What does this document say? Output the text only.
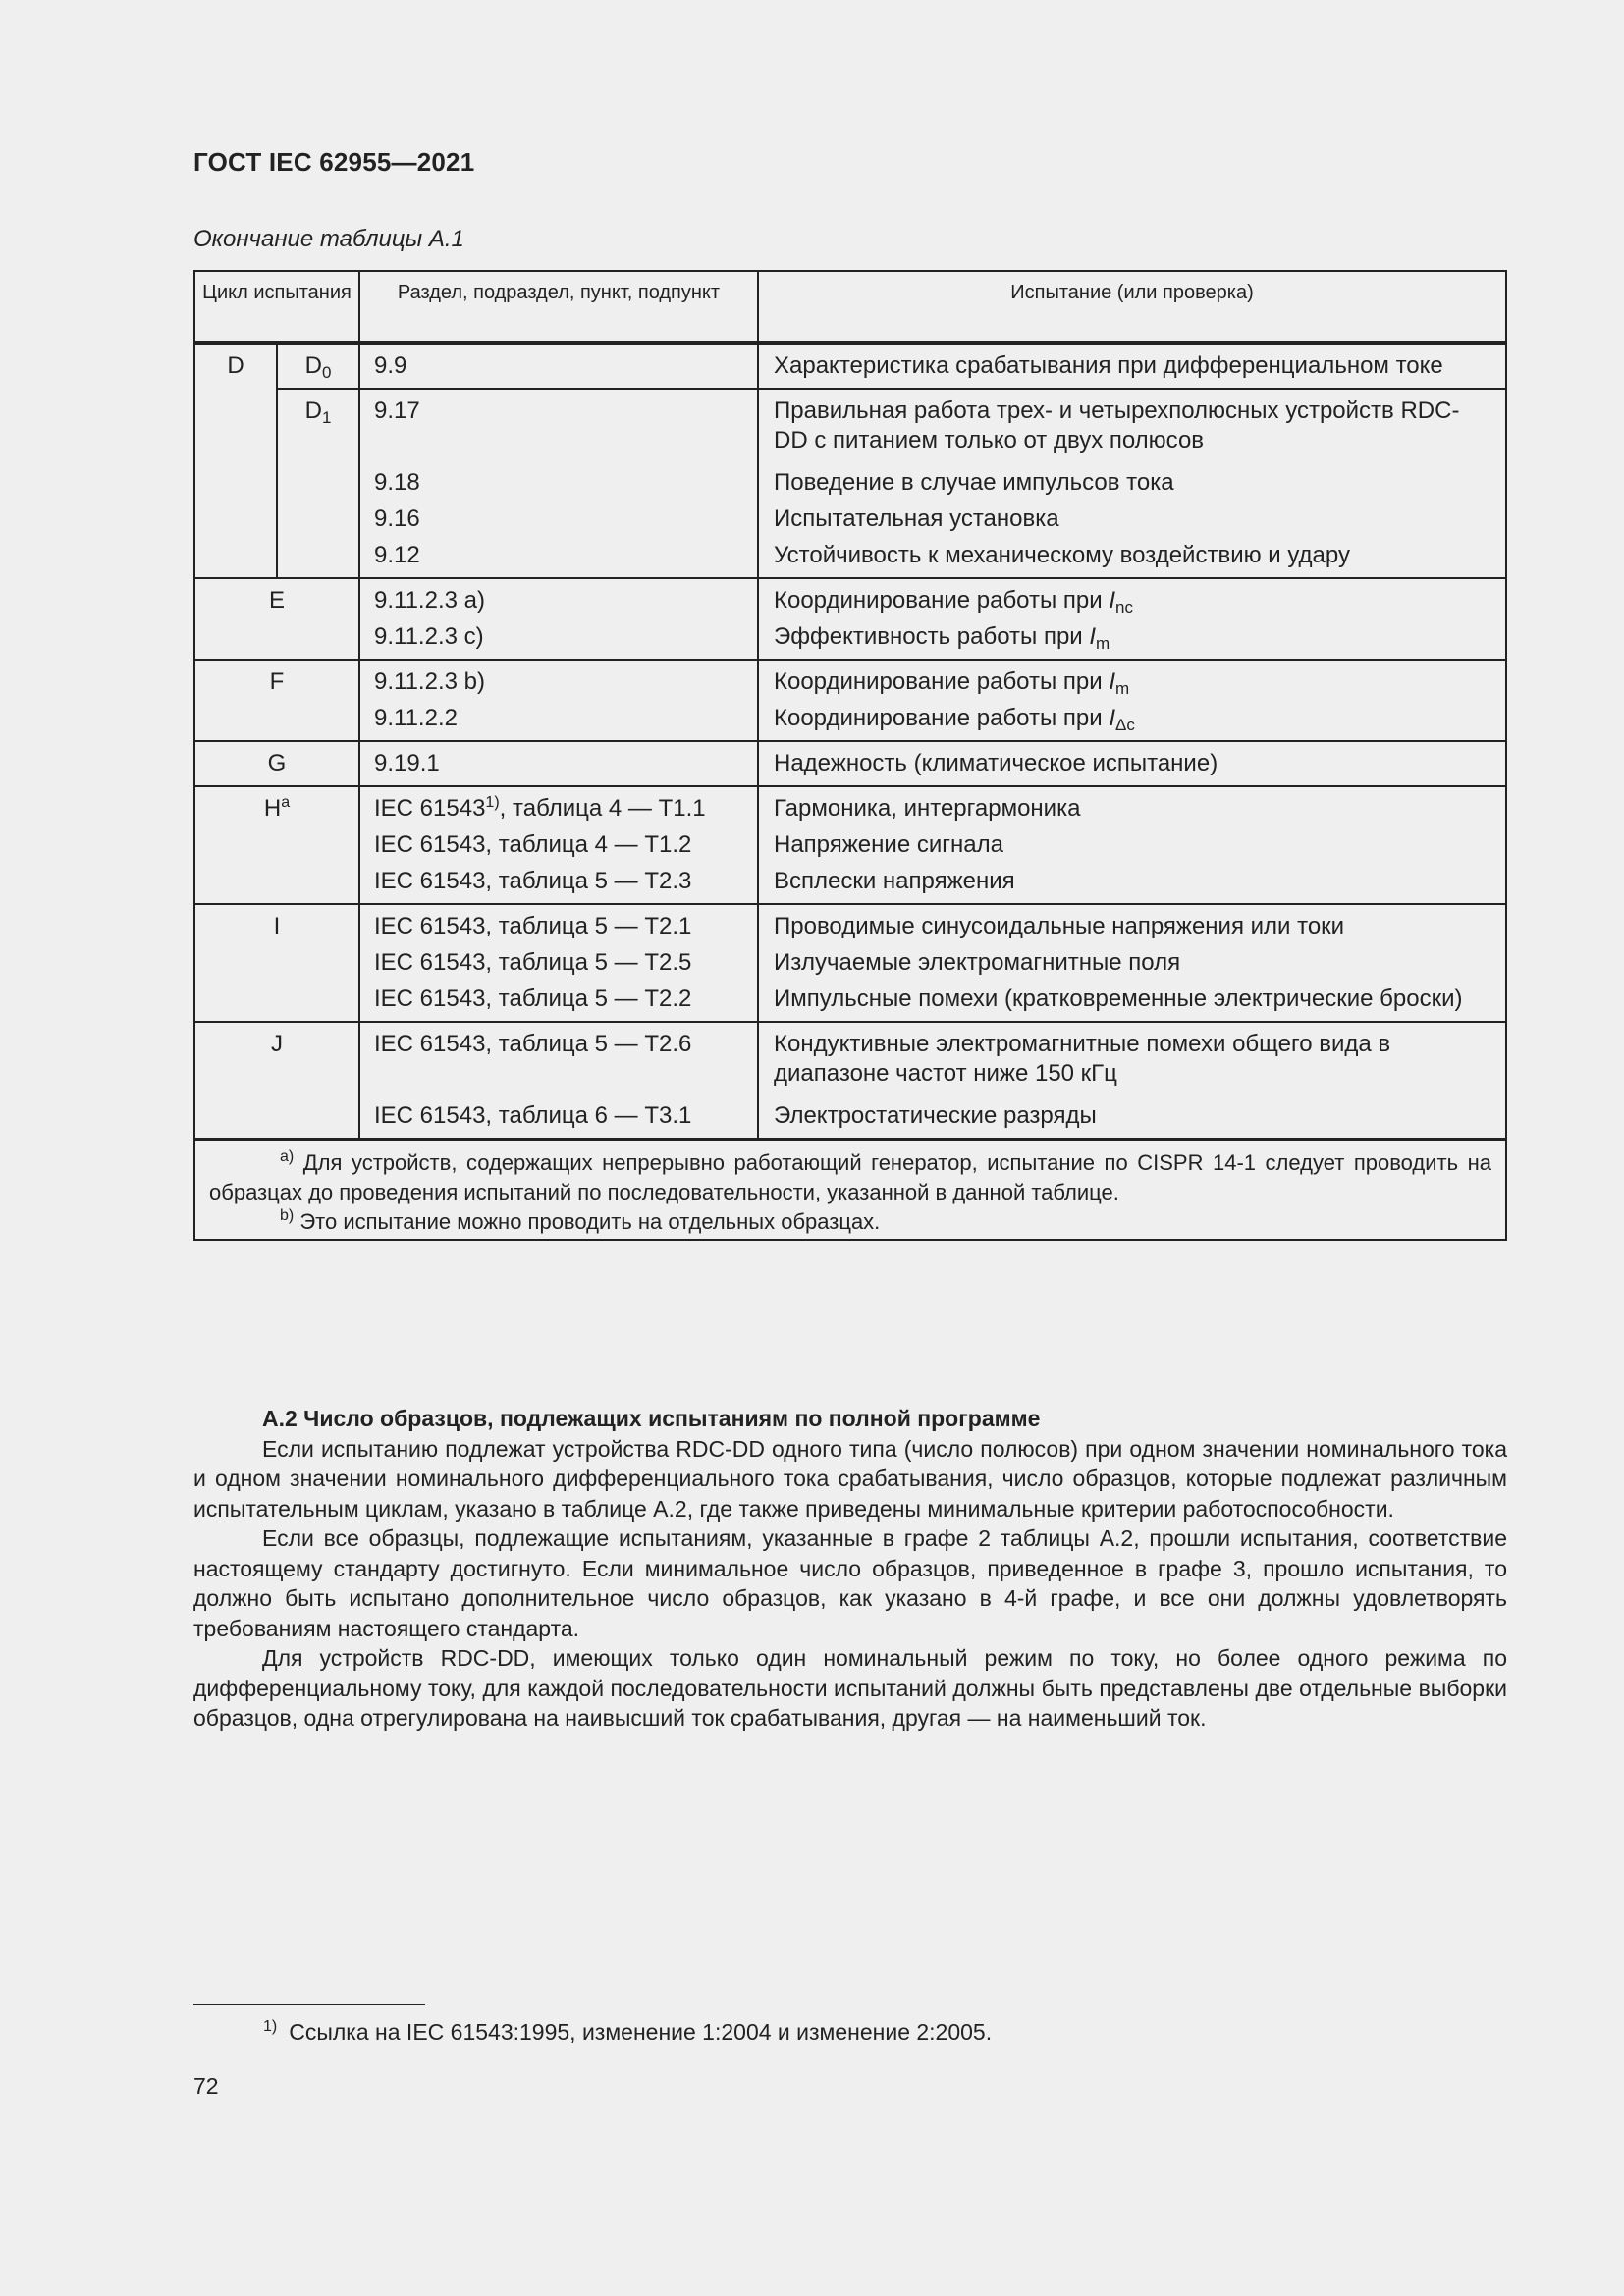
ГОСТ IEC 62955—2021
Окончание таблицы А.1
Цикл испытания		Раздел, подраздел, пункт, подпункт	Испытание (или проверка)
D	$D_0$	9.9	Характеристика срабатывания при дифференциальном токе
	$D_1$	9.17	Правильная работа трех- и четырехполюсных устройств RDC-DD с питанием только от двух полюсов
		9.18	Поведение в случае импульсов тока
		9.16	Испытательная установка
		9.12	Устойчивость к механическому воздействию и удару
E		9.11.2.3 a)	Координирование работы при $I_{nc}$
		9.11.2.3 c)	Эффективность работы при $I_m$
F		9.11.2.3 b)	Координирование работы при $I_m$
		9.11.2.2	Координирование работы при $I_{\Delta c}$
G		9.19.1	Надежность (климатическое испытание)
$H^a$		IEC 61543$^{1)}$, таблица 4 — Т1.1	Гармоника, интергармоника
		IEC 61543, таблица 4 — Т1.2	Напряжение сигнала
		IEC 61543, таблица 5 — Т2.3	Всплески напряжения
I		IEC 61543, таблица 5 — Т2.1	Проводимые синусоидальные напряжения или токи
		IEC 61543, таблица 5 — Т2.5	Излучаемые электромагнитные поля
		IEC 61543, таблица 5 — Т2.2	Импульсные помехи (кратковременные электрические броски)
J		IEC 61543, таблица 5 — Т2.6	Кондуктивные электромагнитные помехи общего вида в диапазоне частот ниже 150 кГц
		IEC 61543, таблица 6 — Т3.1	Электростатические разряды

$^{a)}$ Для устройств, содержащих непрерывно работающий генератор, испытание по CISPR 14-1 следует проводить на образцах до проведения испытаний по последовательности, указанной в данной таблице.
$^{b)}$ Это испытание можно проводить на отдельных образцах.			
А.2 Число образцов, подлежащих испытаниям по полной программе

Если испытанию подлежат устройства RDC-DD одного типа (число полюсов) при одном значении номинального тока и одном значении номинального дифференциального тока срабатывания, число образцов, которые подлежат различным испытательным циклам, указано в таблице А.2, где также приведены минимальные критерии работоспособности.

Если все образцы, подлежащие испытаниям, указанные в графе 2 таблицы А.2, прошли испытания, соответствие настоящему стандарту достигнуто. Если минимальное число образцов, приведенное в графе 3, прошло испытания, то должно быть испытано дополнительное число образцов, как указано в 4-й графе, и все они должны удовлетворять требованиям настоящего стандарта.

Для устройств RDC-DD, имеющих только один номинальный режим по току, но более одного режима по дифференциальному току, для каждой последовательности испытаний должны быть представлены две отдельные выборки образцов, одна отрегулирована на наивысший ток срабатывания, другая — на наименьший ток.

$^{1)}$ Ссылка на IEC 61543:1995, изменение 1:2004 и изменение 2:2005.
72
